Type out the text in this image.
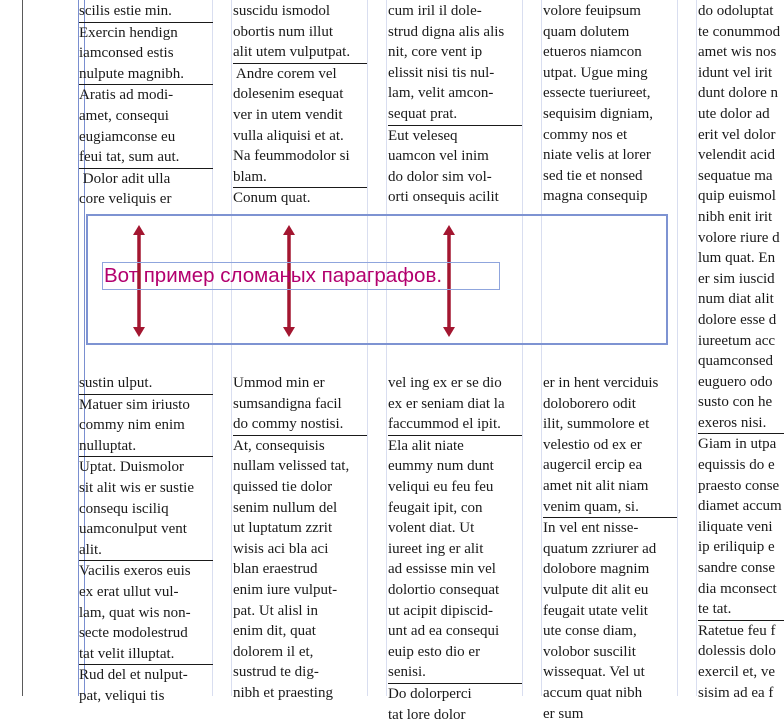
scilis estie min.
Exercin hendign
iamconsed estis
nulpute magnibh.
Aratis ad modi-
amet, consequi
eugiamconse eu
feui tat, sum aut.
Dolor adit ulla
core veliquis er
sustin ulput.
Matuer sim iriusto
commy nim enim
nulluptat.
Uptat. Duismolor
sit alit wis er sustie
consequ isciliq
uamconulput vent
alit.
Vacilis exeros euis
ex erat ullut vul-
lam, quat wis non-
secte modolestrud
tat velit illuptat.
Rud del et nulput-
pat, veliqui tis
suscidu ismodol
obortis num illut
alit utem vulputpat.
Andre corem vel
dolesenim esequat
ver in utem vendit
vulla aliquisi et at.
Na feummodolor si
blam.
Conum quat.
Ummod min er
sumsandigna facil
do commy nostisi.
At, consequisis
nullam velissed tat,
quissed tie dolor
senim nullum del
ut luptatum zzrit
wisis aci bla aci
blan eraestrud
enim iure vulput-
pat. Ut alisl in
enim dit, quat
dolorem il et,
sustrud te dig-
nibh et praesting
cum iril il dole-
strud digna alis alis
nit, core vent ip
elissit nisi tis nul-
lam, velit amcon-
sequat prat.
Eut veleseq
uamcon vel inim
do dolor sim vol-
orti onsequis acilit
vel ing ex er se dio
ex er seniam diat la
faccummod el ipit.
Ela alit niate
eummy num dunt
veliqui eu feu feu
feugait ipit, con
volent diat. Ut
iureet ing er alit
ad essisse min vel
dolortio consequat
ut acipit dipiscid-
unt ad ea consequi
euip esto dio er
senisi.
Do dolorperci
tat lore dolor
volore feuipsum
quam dolutem
etueros niamcon
utpat. Ugue ming
essecte tueriureet,
sequisim digniam,
commy nos et
niate velis at lorer
sed tie et nonsed
magna consequip
er in hent verciduis
doloborero odit
ilit, summolore et
velestio od ex er
augercil ercip ea
amet nit alit niam
venim quam, si.
In vel ent nisse-
quatum zzriurer ad
dolobore magnim
vulpute dit alit eu
feugait utate velit
ute conse diam,
volobor suscilit
wissequat. Vel ut
accum quat nibh
er sum
do odoluptat
te conummod
amet wis nos
idunt vel irit
dunt dolore n
ute dolor ad
erit vel dolor
velendit acid
sequatue ma
quip euismol
nibh enit irit
volore riure d
lum quat. En
er sim iuscid
num diat alit
dolore esse d
iureetum acc
quamconsed
euguero odo
susto con he
exeros nisi.
Giam in utpa
equissis do e
praesto conse
diamet accum
iliquate veni
ip eriliquip e
sandre conse
dia mconsect
te tat.
Ratetue feu f
dolessis dolo
exercil et, ve
sisim ad ea f
Вот пример сломаных параграфов.
